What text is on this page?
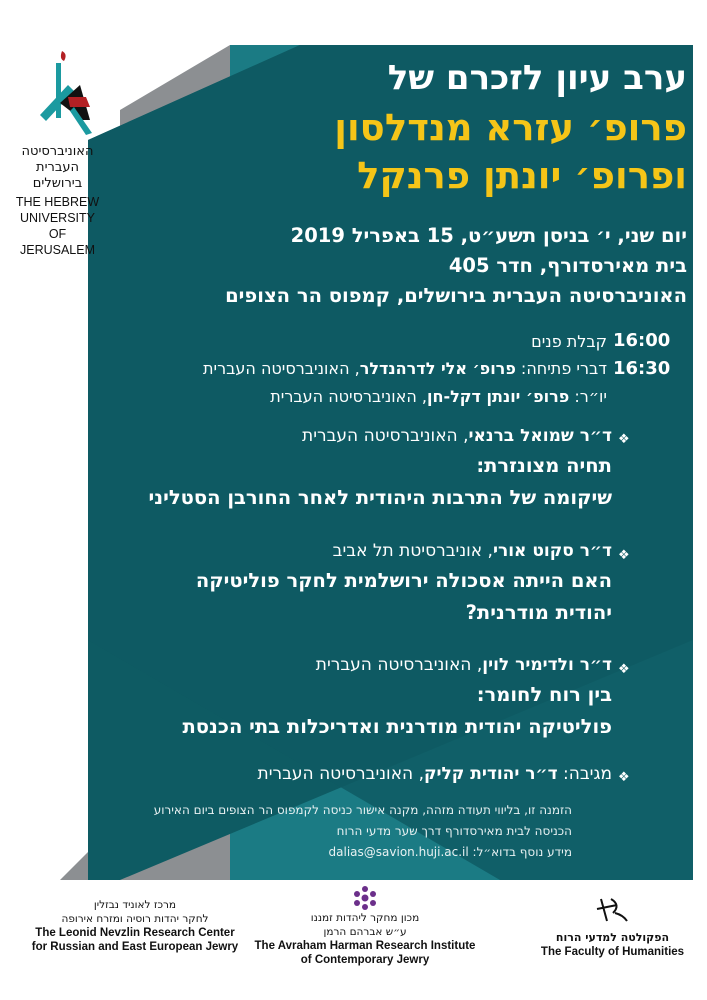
האוניברסיטה
העברית
בירושלים
THE HEBREW
UNIVERSITY
OF JERUSALEM
ערב עיון לזכרם של
פרופ׳ עזרא מנדלסון
ופרופ׳ יונתן פרנקל
יום שני, י׳ בניסן תשע״ט, 15 באפריל 2019
בית מאירסדורף, חדר 405
האוניברסיטה העברית בירושלים, קמפוס הר הצופים
16:00
קבלת פנים
16:30
דברי פתיחה: פרופ׳ אלי לדרהנדלר, האוניברסיטה העברית
יו״ר: פרופ׳ יונתן דקל-חן, האוניברסיטה העברית
❖
ד״ר שמואל ברנאי, האוניברסיטה העברית
תחיה מצונזרת:
שיקומה של התרבות היהודית לאחר החורבן הסטליני
❖
ד״ר סקוט אורי, אוניברסיטת תל אביב
האם הייתה אסכולה ירושלמית לחקר פוליטיקה
יהודית מודרנית?
❖
ד״ר ולדימיר לוין, האוניברסיטה העברית
בין רוח לחומר:
פוליטיקה יהודית מודרנית ואדריכלות בתי הכנסת
❖
מגיבה: ד״ר יהודית קליק, האוניברסיטה העברית
הזמנה זו, בליווי תעודה מזהה, מקנה אישור כניסה לקמפוס הר הצופים ביום האירוע
הכניסה לבית מאירסדורף דרך שער מדעי הרוח
מידע נוסף בדוא״ל: dalias@savion.huji.ac.il
מרכז לאוניד נבזלין
לחקר יהדות רוסיה ומזרח אירופה
The Leonid Nevzlin Research Center
for Russian and East European Jewry
מכון מחקר ליהדות זמננו
ע״ש אברהם הרמן
The Avraham Harman Research Institute
of Contemporary Jewry
הפקולטה למדעי הרוח
The Faculty of Humanities
